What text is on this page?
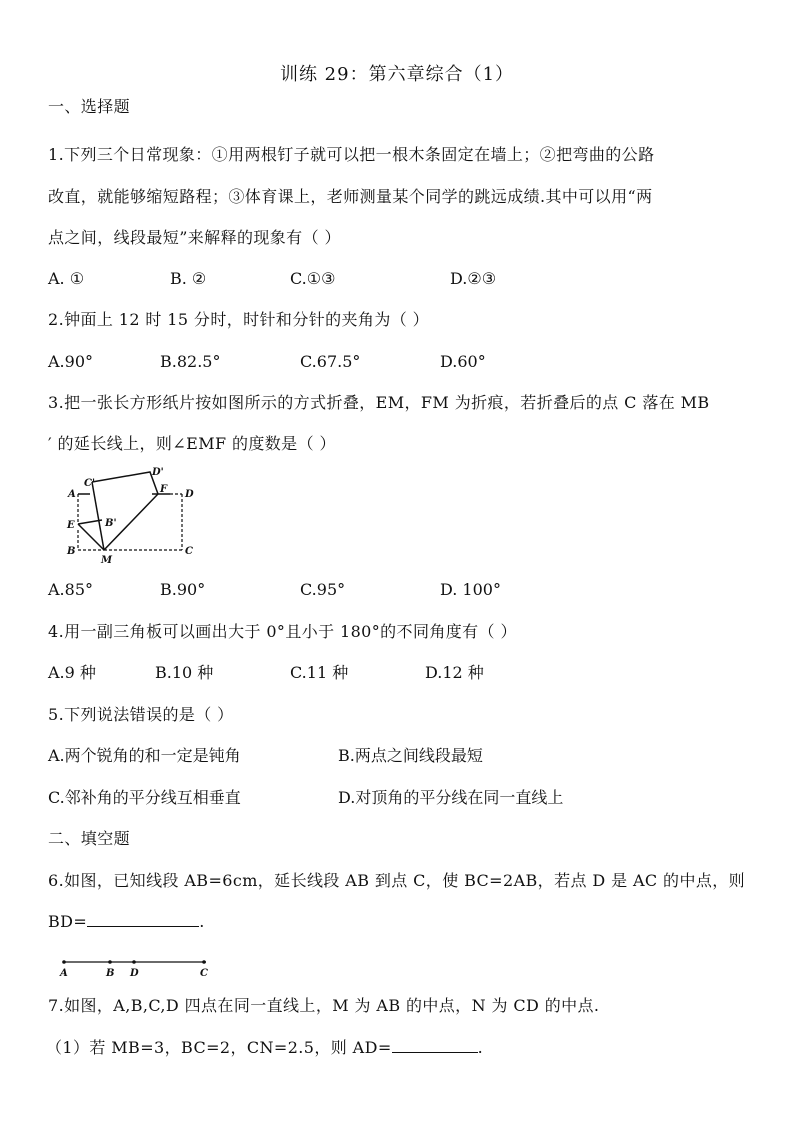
训练 29：第六章综合（1）
一、选择题
1.下列三个日常现象：①用两根钉子就可以把一根木条固定在墙上；②把弯曲的公路
改直，就能够缩短路程；③体育课上，老师测量某个同学的跳远成绩.其中可以用“两
点之间，线段最短”来解释的现象有（ ）
A. ①	B. ②	C.①③	D.②③
2.钟面上 12 时 15 分时，时针和分针的夹角为（ ）
A.90°	B.82.5°	C.67.5°	D.60°
3.把一张长方形纸片按如图所示的方式折叠，EM，FM 为折痕，若折叠后的点 C 落在 MB
′ 的延长线上，则∠EMF 的度数是（ ）
C'
D'
A	F D
E	B'
B
M
C
A.85°	B.90°	C.95°	D. 100°
4.用一副三角板可以画出大于 0°且小于 180°的不同角度有（ ）
A.9 种	B.10 种	C.11 种	D.12 种
5.下列说法错误的是（ ）
A.两个锐角的和一定是钝角	B.两点之间线段最短
C.邻补角的平分线互相垂直	D.对顶角的平分线在同一直线上
二、填空题
6.如图，已知线段 AB=6cm，延长线段 AB 到点 C，使 BC=2AB，若点 D 是 AC 的中点，则
BD=	.
A	B D	C
7.如图，A,B,C,D 四点在同一直线上，M 为 AB 的中点，N 为 CD 的中点.
（1）若 MB=3，BC=2，CN=2.5，则 AD=	.
